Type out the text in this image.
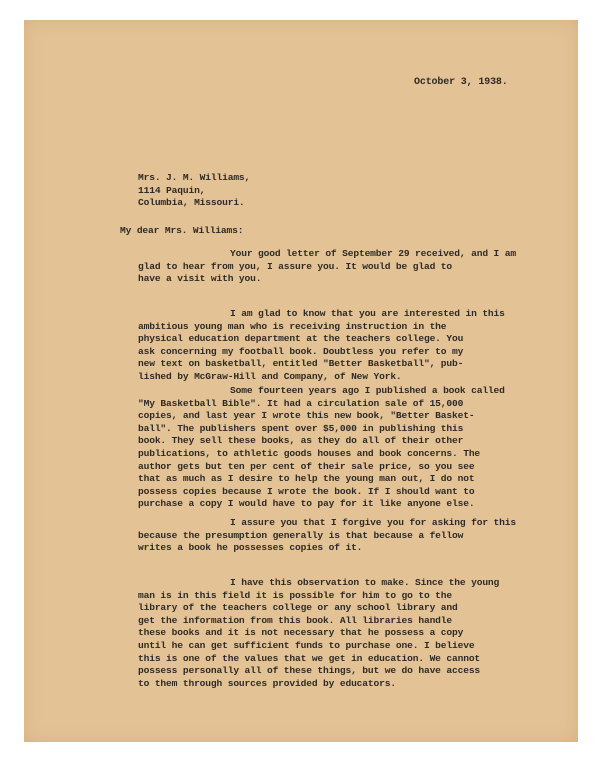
October 3, 1938.
Mrs. J. M. Williams,
1114 Paquin,
Columbia, Missouri.
My dear Mrs. Williams:
Your good letter of September 29 received, and I am
glad to hear from you, I assure you. It would be glad to
have a visit with you.
I am glad to know that you are interested in this
ambitious young man who is receiving instruction in the
physical education department at the teachers college. You
ask concerning my football book. Doubtless you refer to my
new text on basketball, entitled "Better Basketball", pub-
lished by McGraw-Hill and Company, of New York.
Some fourteen years ago I published a book called
"My Basketball Bible". It had a circulation sale of 15,000
copies, and last year I wrote this new book, "Better Basket-
ball". The publishers spent over $5,000 in publishing this
book. They sell these books, as they do all of their other
publications, to athletic goods houses and book concerns. The
author gets but ten per cent of their sale price, so you see
that as much as I desire to help the young man out, I do not
possess copies because I wrote the book. If I should want to
purchase a copy I would have to pay for it like anyone else.
I assure you that I forgive you for asking for this
because the presumption generally is that because a fellow
writes a book he possesses copies of it.
I have this observation to make. Since the young
man is in this field it is possible for him to go to the
library of the teachers college or any school library and
get the information from this book. All libraries handle
these books and it is not necessary that he possess a copy
until he can get sufficient funds to purchase one. I believe
this is one of the values that we get in education. We cannot
possess personally all of these things, but we do have access
to them through sources provided by educators.
